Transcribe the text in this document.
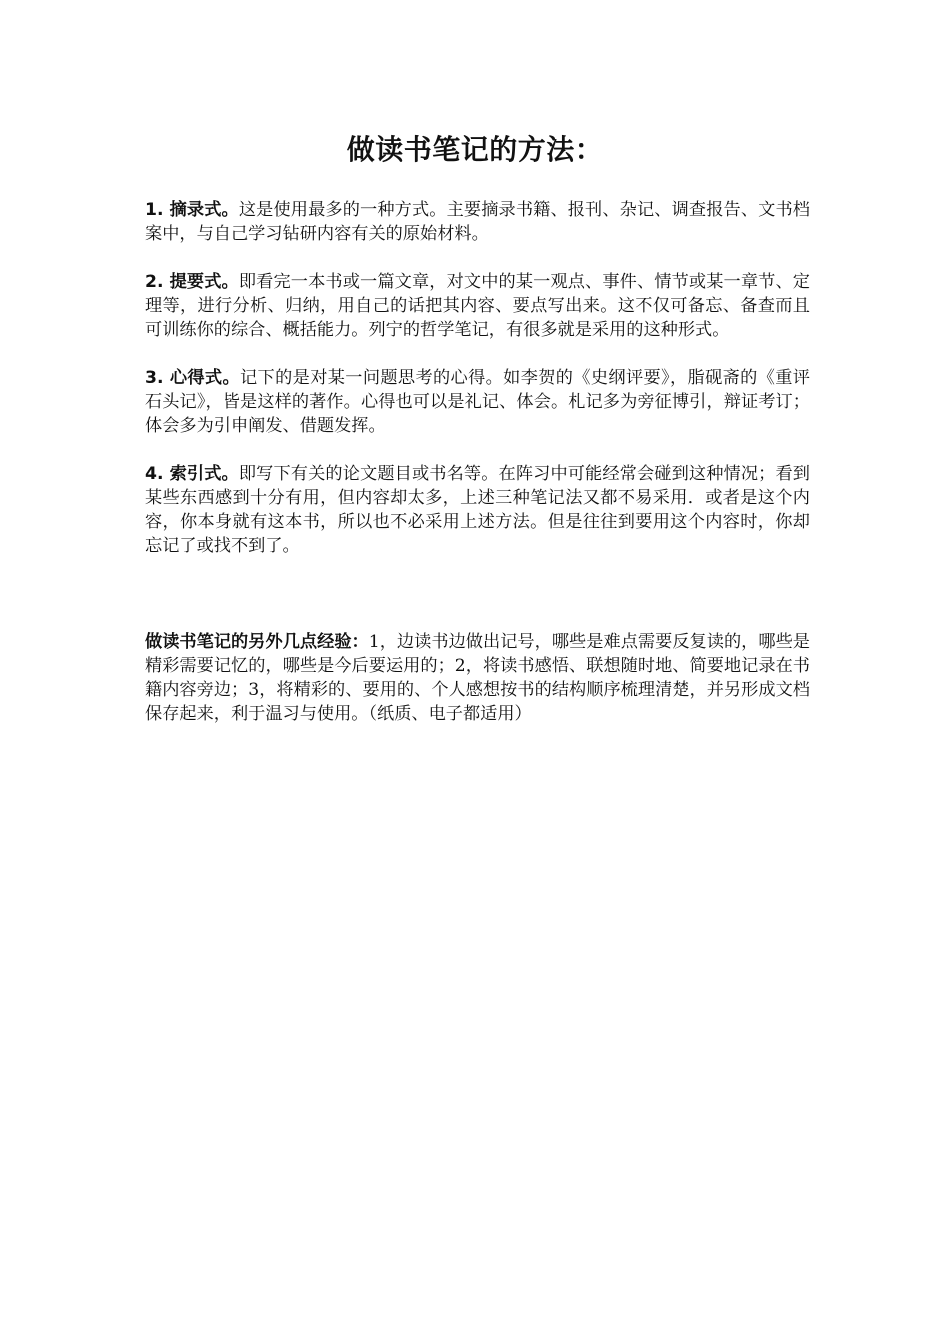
做读书笔记的方法：
1. 摘录式。这是使用最多的一种方式。主要摘录书籍、报刊、杂记、调查报告、文书档案中，与自己学习钻研内容有关的原始材料。
2. 提要式。即看完一本书或一篇文章，对文中的某一观点、事件、情节或某一章节、定理等，进行分析、归纳，用自己的话把其内容、要点写出来。这不仅可备忘、备查而且可训练你的综合、概括能力。列宁的哲学笔记，有很多就是采用的这种形式。
3. 心得式。记下的是对某一问题思考的心得。如李贺的《史纲评要》，脂砚斋的《重评石头记》，皆是这样的著作。心得也可以是礼记、体会。札记多为旁征博引，辩证考订；体会多为引申阐发、借题发挥。
4. 索引式。即写下有关的论文题目或书名等。在阵习中可能经常会碰到这种情况；看到某些东西感到十分有用，但内容却太多，上述三种笔记法又都不易采用．或者是这个内容，你本身就有这本书，所以也不必采用上述方法。但是往往到要用这个内容时，你却忘记了或找不到了。
做读书笔记的另外几点经验：1，边读书边做出记号，哪些是难点需要反复读的，哪些是精彩需要记忆的，哪些是今后要运用的；2，将读书感悟、联想随时地、简要地记录在书籍内容旁边；3，将精彩的、要用的、个人感想按书的结构顺序梳理清楚，并另形成文档保存起来，利于温习与使用。（纸质、电子都适用）
